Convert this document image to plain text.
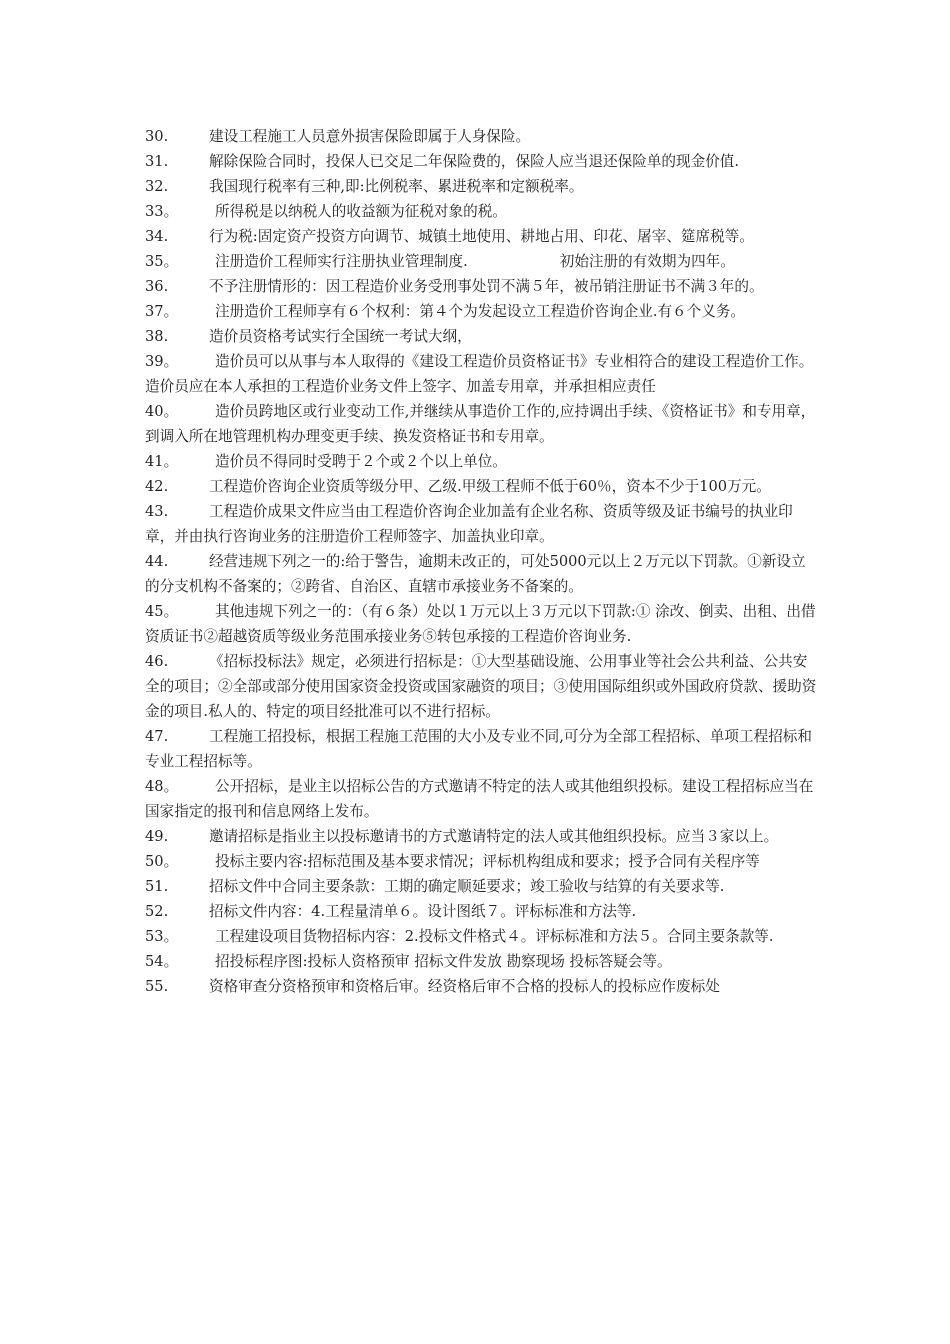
30.	建设工程施工人员意外损害保险即属于人身保险。

31.	解除保险合同时，投保人已交足二年保险费的，保险人应当退还保险单的现金价值.

32.	我国现行税率有三种,即:比例税率、累进税率和定额税率。

33。	所得税是以纳税人的收益额为征税对象的税。

34.	行为税:固定资产投资方向调节、城镇土地使用、耕地占用、印花、屠宰、筵席税等。

35。	注册造价工程师实行注册执业管理制度.	初始注册的有效期为四年。

36.	不予注册情形的：因工程造价业务受刑事处罚不满５年，被吊销注册证书不满３年的。

37。	注册造价工程师享有６个权利：第４个为发起设立工程造价咨询企业.有６个义务。

38.	造价员资格考试实行全国统一考试大纲，

39。	造价员可以从事与本人取得的《建设工程造价员资格证书》专业相符合的建设工程造价工作。造价员应在本人承担的工程造价业务文件上签字、加盖专用章，并承担相应责任

40。	造价员跨地区或行业变动工作,并继续从事造价工作的,应持调出手续、《资格证书》和专用章，到调入所在地管理机构办理变更手续、换发资格证书和专用章。

41。	造价员不得同时受聘于２个或２个以上单位。

42.	工程造价咨询企业资质等级分甲、乙级.甲级工程师不低于60％，资本不少于100万元。

43.	工程造价成果文件应当由工程造价咨询企业加盖有企业名称、资质等级及证书编号的执业印章，并由执行咨询业务的注册造价工程师签字、加盖执业印章。

44.	经营违规下列之一的:给于警告，逾期未改正的，可处5000元以上２万元以下罚款。①新设立的分支机构不备案的；②跨省、自治区、直辖市承接业务不备案的。

45。	其他违规下列之一的：（有６条）处以１万元以上３万元以下罚款:① 涂改、倒卖、出租、出借资质证书②超越资质等级业务范围承接业务⑤转包承接的工程造价咨询业务.

46.	《招标投标法》规定，必须进行招标是：①大型基础设施、公用事业等社会公共利益、公共安全的项目；②全部或部分使用国家资金投资或国家融资的项目；③使用国际组织或外国政府贷款、援助资金的项目.私人的、特定的项目经批准可以不进行招标。

47.	工程施工招投标，根据工程施工范围的大小及专业不同,可分为全部工程招标、单项工程招标和专业工程招标等。

48。	公开招标，是业主以招标公告的方式邀请不特定的法人或其他组织投标。建设工程招标应当在国家指定的报刊和信息网络上发布。

49.	邀请招标是指业主以投标邀请书的方式邀请特定的法人或其他组织投标。应当３家以上。

50。	投标主要内容:招标范围及基本要求情况；评标机构组成和要求；授予合同有关程序等

51.	招标文件中合同主要条款：工期的确定顺延要求；竣工验收与结算的有关要求等.

52.	招标文件内容：4.工程量清单６。设计图纸７。评标标准和方法等.

53。	工程建设项目货物招标内容：2.投标文件格式４。评标标准和方法５。合同主要条款等.

54。	招投标程序图:投标人资格预审 招标文件发放 勘察现场 投标答疑会等。

55.	资格审查分资格预审和资格后审。经资格后审不合格的投标人的投标应作废标处
